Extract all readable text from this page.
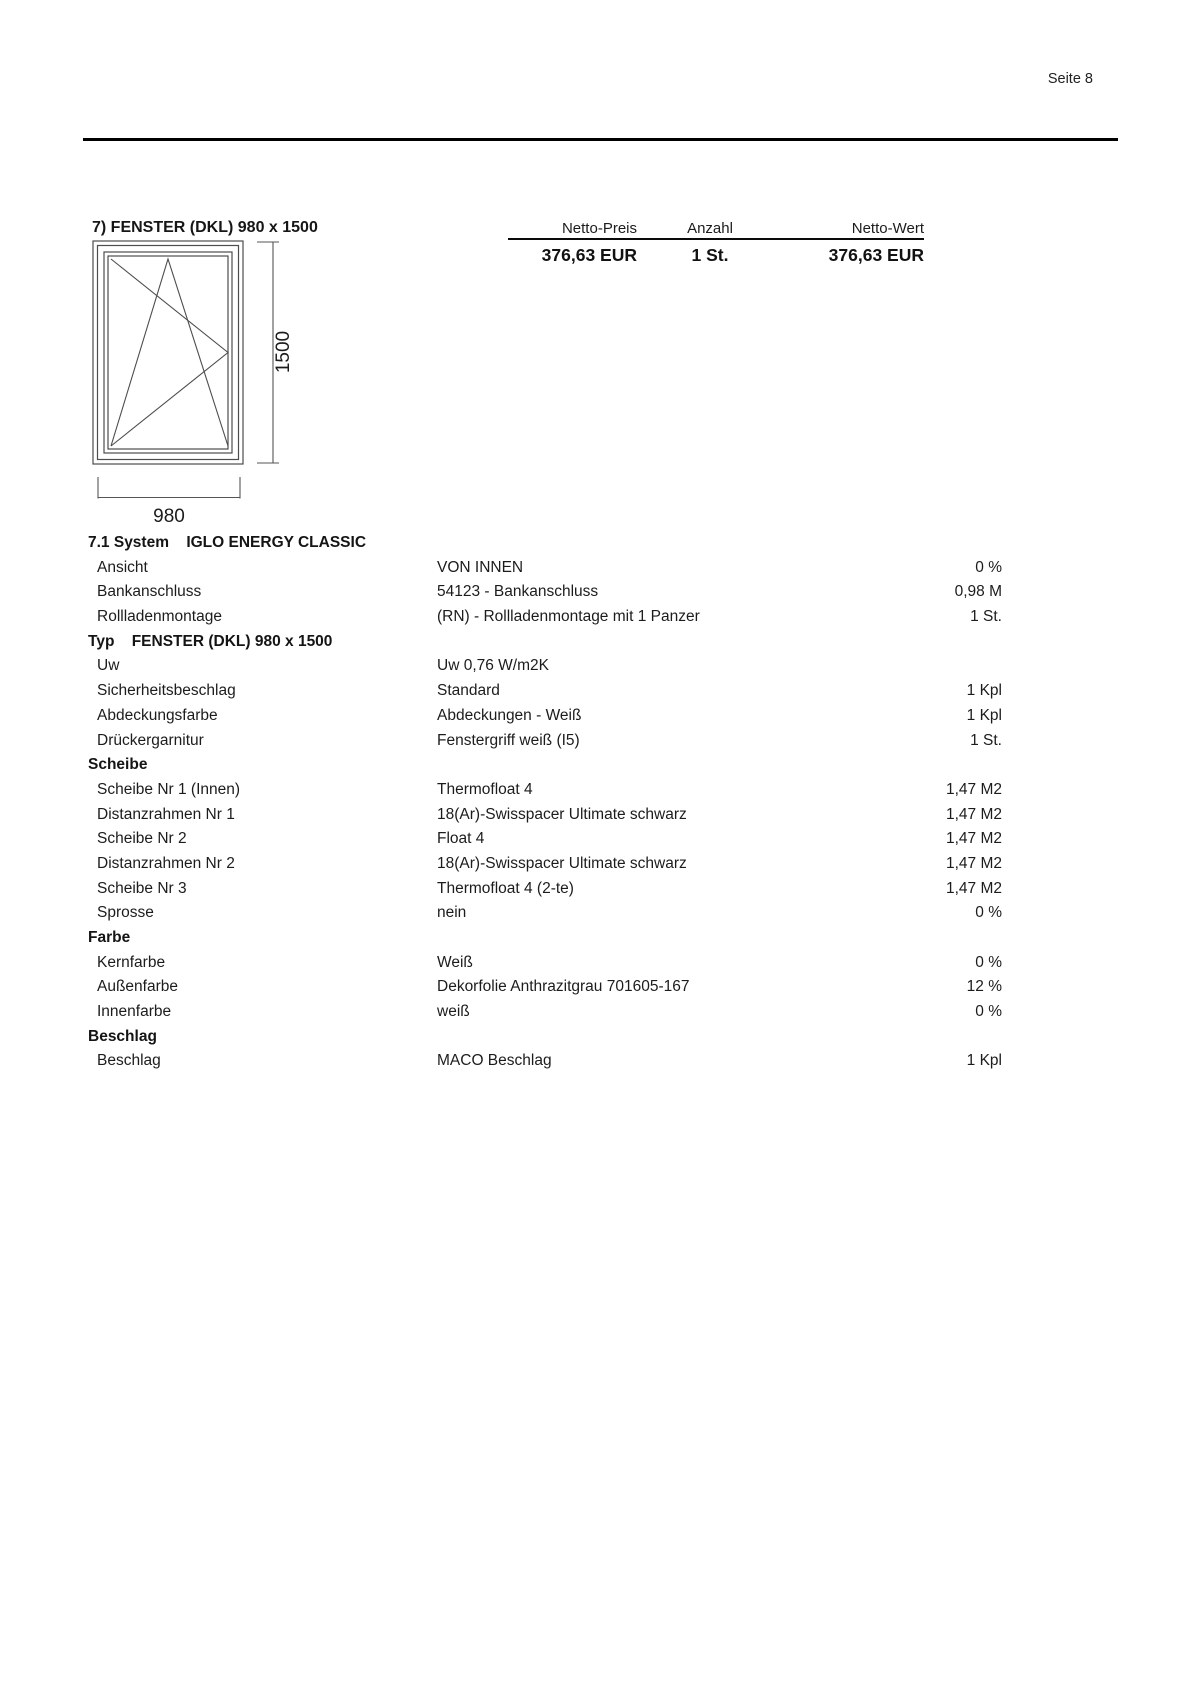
Seite 8
7) FENSTER (DKL) 980 x 1500	Netto-Preis	Anzahl	Netto-Wert
376,63 EUR	1 St.	376,63 EUR
1500
980
7.1 System IGLO ENERGY CLASSIC
Ansicht	VON INNEN	0 %
Bankanschluss	54123 - Bankanschluss	0,98 M
Rollladenmontage	(RN) - Rollladenmontage mit 1 Panzer	1 St.
Typ FENSTER (DKL) 980 x 1500
Uw	Uw 0,76 W/m2K
Sicherheitsbeschlag	Standard	1 Kpl
Abdeckungsfarbe	Abdeckungen - Weiß	1 Kpl
Drückergarnitur	Fenstergriff weiß (I5)	1 St.
Scheibe
Scheibe Nr 1 (Innen)	Thermofloat 4	1,47 M2
Distanzrahmen Nr 1	18(Ar)-Swisspacer Ultimate schwarz	1,47 M2
Scheibe Nr 2	Float 4	1,47 M2
Distanzrahmen Nr 2	18(Ar)-Swisspacer Ultimate schwarz	1,47 M2
Scheibe Nr 3	Thermofloat 4 (2-te)	1,47 M2
Sprosse	nein	0 %
Farbe
Kernfarbe	Weiß	0 %
Außenfarbe	Dekorfolie Anthrazitgrau 701605-167	12 %
Innenfarbe	weiß	0 %
Beschlag
Beschlag	MACO Beschlag	1 Kpl
